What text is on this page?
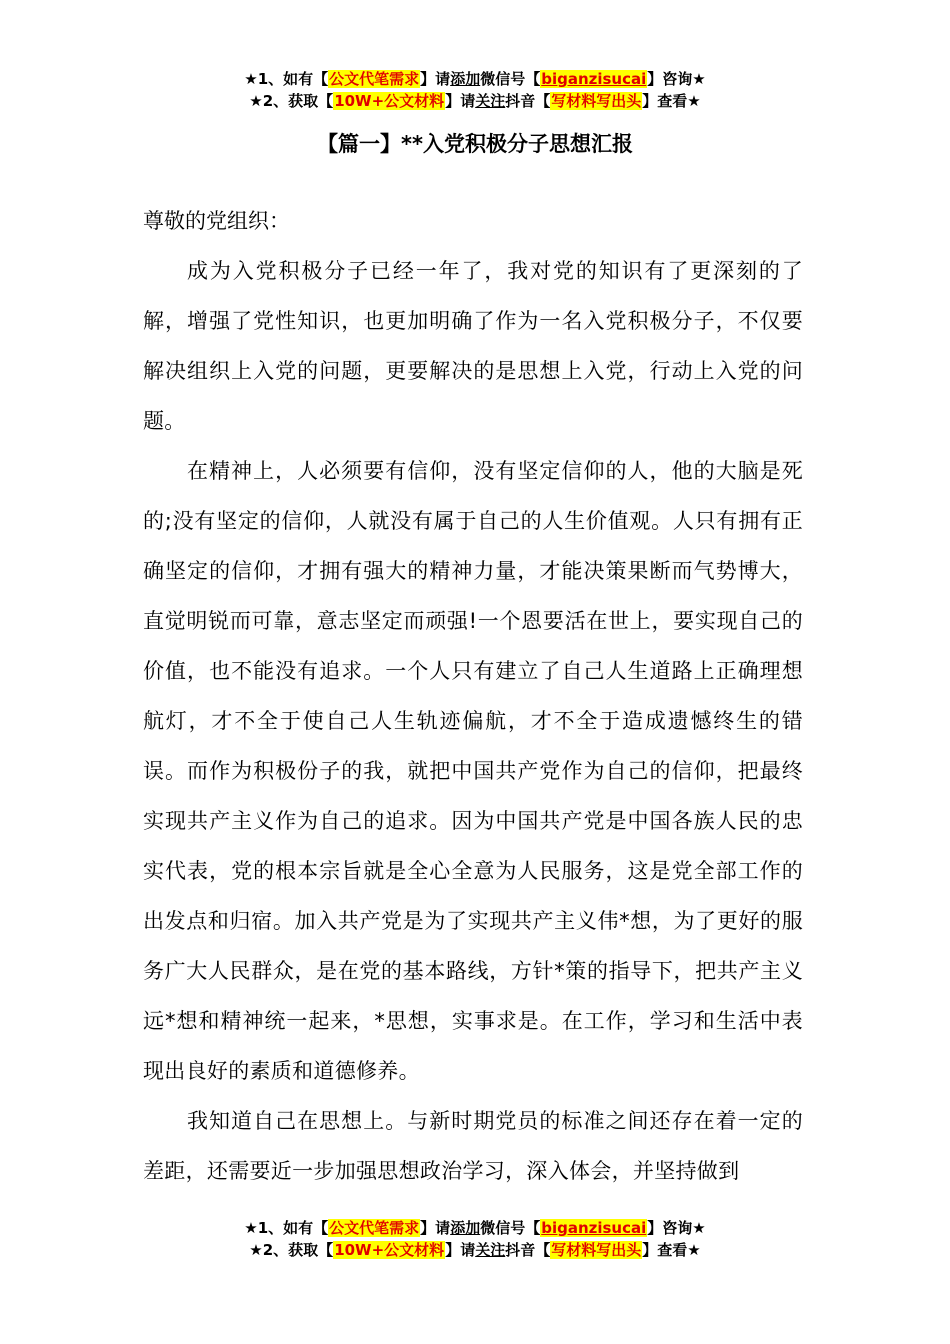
★1、如有【公文代笔需求】请添加微信号【biganzisucai】咨询★
★2、获取【10W+公文材料】请关注抖音【写材料写出头】查看★
【篇一】**入党积极分子思想汇报

尊敬的党组织：

成为入党积极分子已经一年了，我对党的知识有了更深刻的了解，增强了党性知识，也更加明确了作为一名入党积极分子，不仅要解决组织上入党的问题，更要解决的是思想上入党，行动上入党的问题。

在精神上，人必须要有信仰，没有坚定信仰的人，他的大脑是死的;没有坚定的信仰，人就没有属于自己的人生价值观。人只有拥有正确坚定的信仰，才拥有强大的精神力量，才能决策果断而气势博大，直觉明锐而可靠，意志坚定而顽强!一个恩要活在世上，要实现自己的价值，也不能没有追求。一个人只有建立了自己人生道路上正确理想航灯，才不全于使自己人生轨迹偏航，才不全于造成遗憾终生的错误。而作为积极份子的我，就把中国共产党作为自己的信仰，把最终实现共产主义作为自己的追求。因为中国共产党是中国各族人民的忠实代表，党的根本宗旨就是全心全意为人民服务，这是党全部工作的出发点和归宿。加入共产党是为了实现共产主义伟*想，为了更好的服务广大人民群众，是在党的基本路线，方针*策的指导下，把共产主义远*想和精神统一起来，*思想，实事求是。在工作，学习和生活中表现出良好的素质和道德修养。

我知道自己在思想上。与新时期党员的标准之间还存在着一定的差距，还需要近一步加强思想政治学习，深入体会，并坚持做到

★1、如有【公文代笔需求】请添加微信号【biganzisucai】咨询★
★2、获取【10W+公文材料】请关注抖音【写材料写出头】查看★
